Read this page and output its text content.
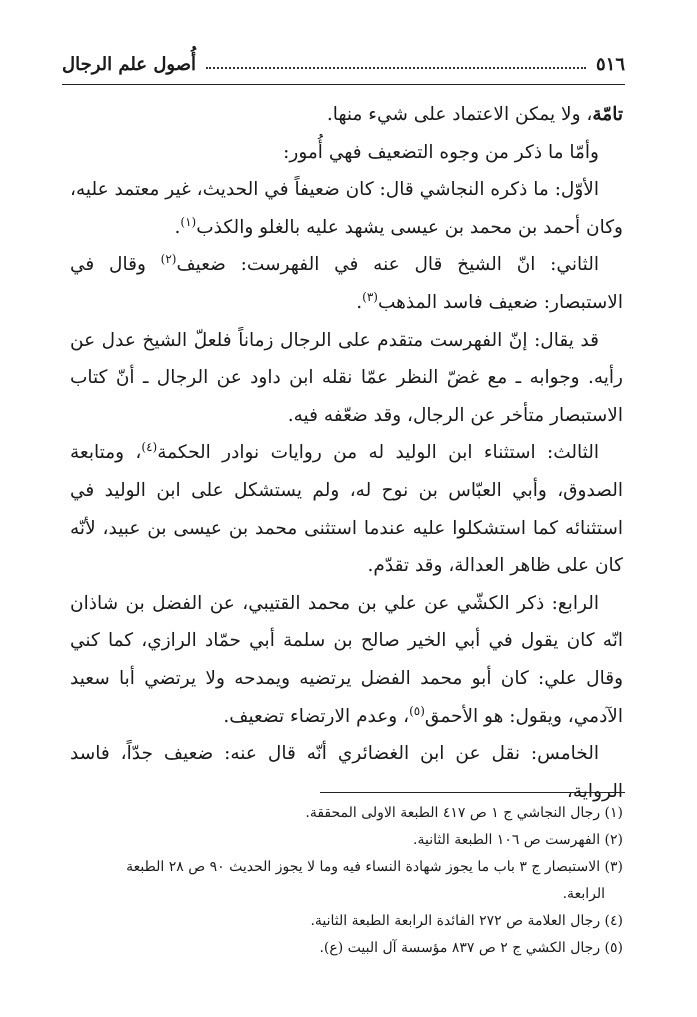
٥١٦
أُصول علم الرجال

تامّة، ولا يمكن الاعتماد على شيء منها.

وأمّا ما ذكر من وجوه التضعيف فهي أُمور:

الأوّل: ما ذكره النجاشي قال: كان ضعيفاً في الحديث، غير معتمد عليه، وكان أحمد بن محمد بن عيسى يشهد عليه بالغلو والكذب$^{(١)}$.

الثاني: انّ الشيخ قال عنه في الفهرست: ضعيف$^{(٢)}$ وقال في الاستبصار: ضعيف فاسد المذهب$^{(٣)}$.

قد يقال: إنّ الفهرست متقدم على الرجال زماناً فلعلّ الشيخ عدل عن رأيه. وجوابه ـ مع غضّ النظر عمّا نقله ابن داود عن الرجال ـ أنّ كتاب الاستبصار متأخر عن الرجال، وقد ضعّفه فيه.

الثالث: استثناء ابن الوليد له من روايات نوادر الحكمة$^{(٤)}$، ومتابعة الصدوق، وأبي العبّاس بن نوح له، ولم يستشكل على ابن الوليد في استثنائه كما استشكلوا عليه عندما استثنى محمد بن عيسى بن عبيد، لأنّه كان على ظاهر العدالة، وقد تقدّم.

الرابع: ذكر الكشّي عن علي بن محمد القتيبي، عن الفضل بن شاذان انّه كان يقول في أبي الخير صالح بن سلمة أبي حمّاد الرازي، كما كني وقال علي: كان أبو محمد الفضل يرتضيه ويمدحه ولا يرتضي أبا سعيد الآدمي، ويقول: هو الأحمق$^{(٥)}$، وعدم الارتضاء تضعيف.

الخامس: نقل عن ابن الغضائري أنّه قال عنه: ضعيف جدّاً، فاسد الرواية،

(١) رجال النجاشي ج ١ ص ٤١٧ الطبعة الاولى المحققة.

(٢) الفهرست ص ١٠٦ الطبعة الثانية.

(٣) الاستبصار ج ٣ باب ما يجوز شهادة النساء فيه وما لا يجوز الحديث ٩٠ ص ٢٨ الطبعة

الرابعة.

(٤) رجال العلامة ص ٢٧٢ الفائدة الرابعة الطبعة الثانية.

(٥) رجال الكشي ج ٢ ص ٨٣٧ مؤسسة آل البيت (ع).
